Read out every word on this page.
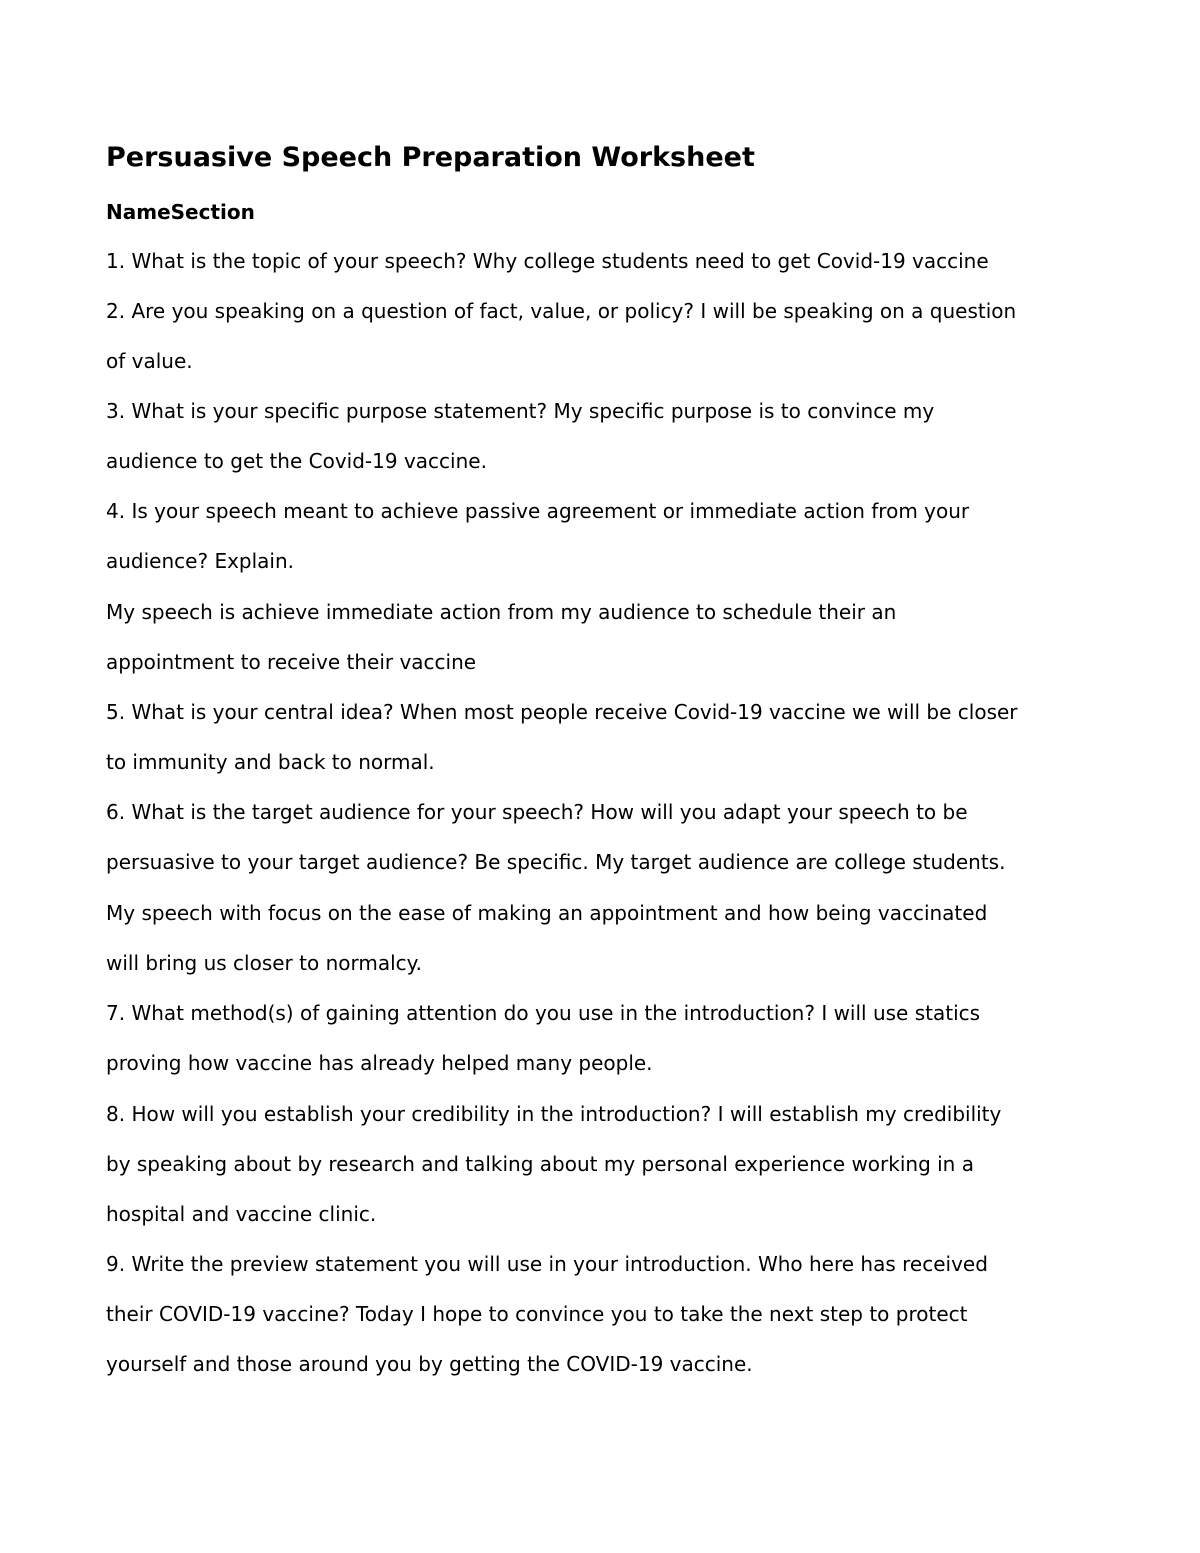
Persuasive Speech Preparation Worksheet
NameSection

1. What is the topic of your speech? Why college students need to get Covid-19 vaccine

2. Are you speaking on a question of fact, value, or policy? I will be speaking on a question

of value.

3. What is your specific purpose statement? My specific purpose is to convince my

audience to get the Covid-19 vaccine.

4. Is your speech meant to achieve passive agreement or immediate action from your

audience? Explain.

My speech is achieve immediate action from my audience to schedule their an

appointment to receive their vaccine

5. What is your central idea? When most people receive Covid-19 vaccine we will be closer

to immunity and back to normal.

6. What is the target audience for your speech? How will you adapt your speech to be

persuasive to your target audience? Be specific. My target audience are college students.

My speech with focus on the ease of making an appointment and how being vaccinated

will bring us closer to normalcy.

7. What method(s) of gaining attention do you use in the introduction? I will use statics

proving how vaccine has already helped many people.

8. How will you establish your credibility in the introduction? I will establish my credibility

by speaking about by research and talking about my personal experience working in a

hospital and vaccine clinic.

9. Write the preview statement you will use in your introduction. Who here has received

their COVID-19 vaccine? Today I hope to convince you to take the next step to protect

yourself and those around you by getting the COVID-19 vaccine.
